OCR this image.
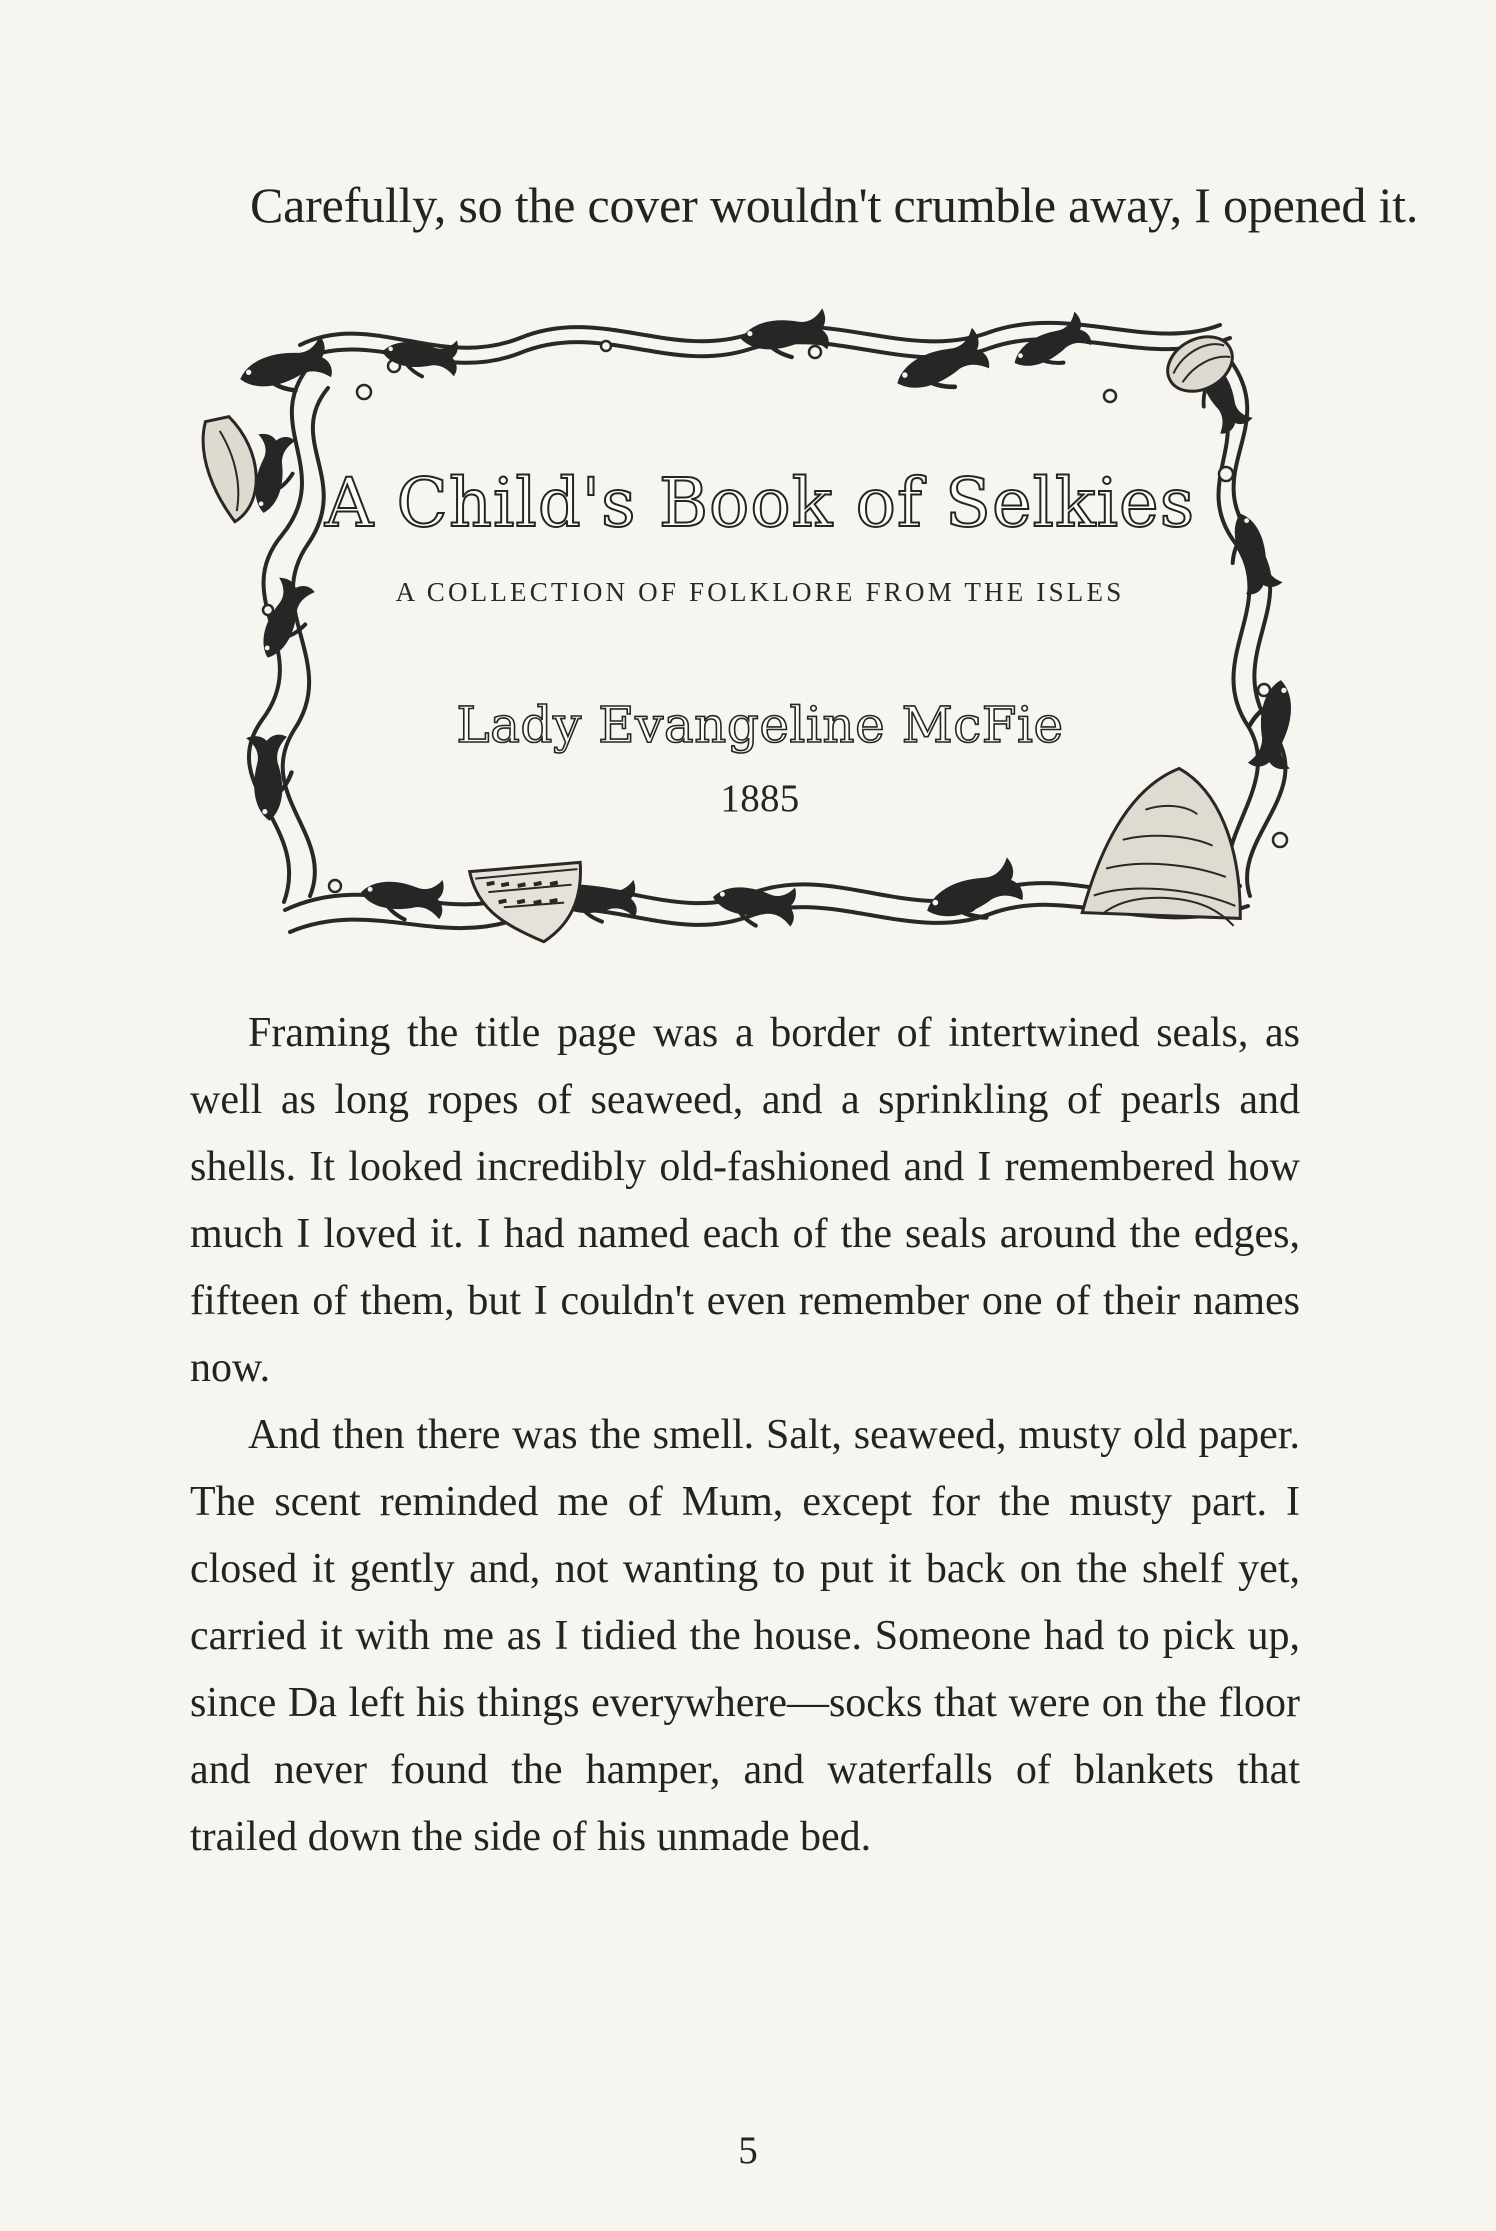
Carefully, so the cover wouldn't crumble away, I opened it.
A Child's Book of Selkies
A COLLECTION OF FOLKLORE FROM THE ISLES
Lady Evangeline McFie
1885

Framing the title page was a border of intertwined seals, as well as long ropes of seaweed, and a sprinkling of pearls and shells. It looked incredibly old-fashioned and I remembered how much I loved it. I had named each of the seals around the edges, fifteen of them, but I couldn't even remember one of their names now.

And then there was the smell. Salt, seaweed, musty old paper. The scent reminded me of Mum, except for the musty part. I closed it gently and, not wanting to put it back on the shelf yet, carried it with me as I tidied the house. Someone had to pick up, since Da left his things everywhere—socks that were on the floor and never found the hamper, and waterfalls of blankets that trailed down the side of his unmade bed.

5
